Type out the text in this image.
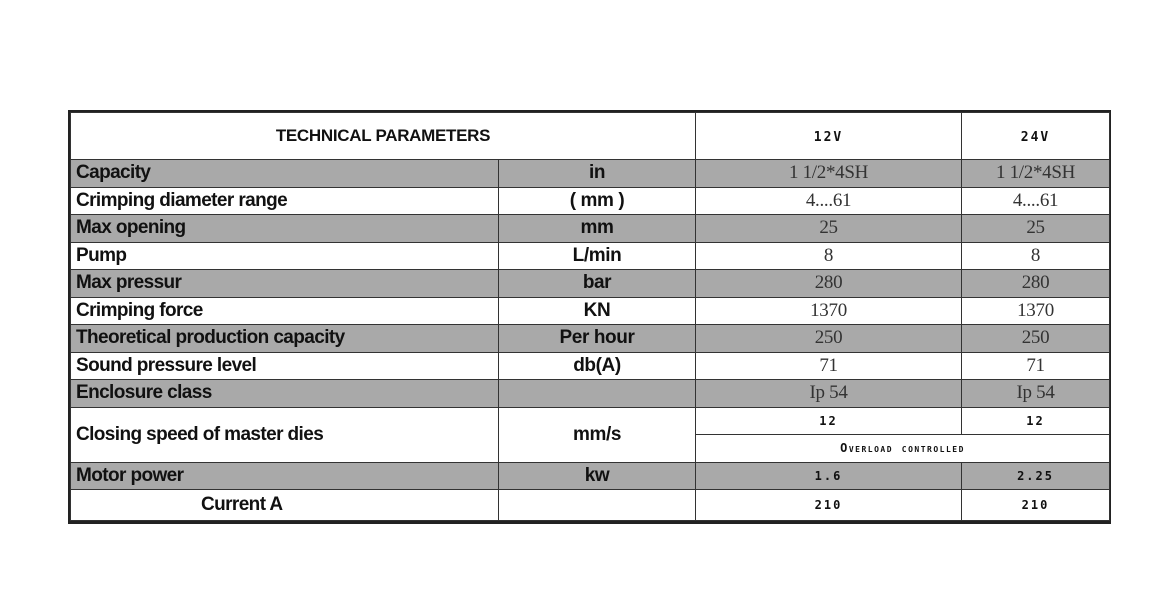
TECHNICAL PARAMETERS		12V	24V
Capacity	in	1 1/2*4SH	1 1/2*4SH
Crimping diameter range	( mm )	4....61	4....61
Max opening	mm	25	25
Pump	L/min	8	8
Max pressur	bar	280	280
Crimping force	KN	1370	1370
Theoretical production capacity	Per hour	250	250
Sound pressure level	db(A)	71	71
Enclosure class		Ip 54	Ip 54
Closing speed of master dies	mm/s	12	12
		Overload controlled	
Motor power	kw	1.6	2.25
Current A		210	210
